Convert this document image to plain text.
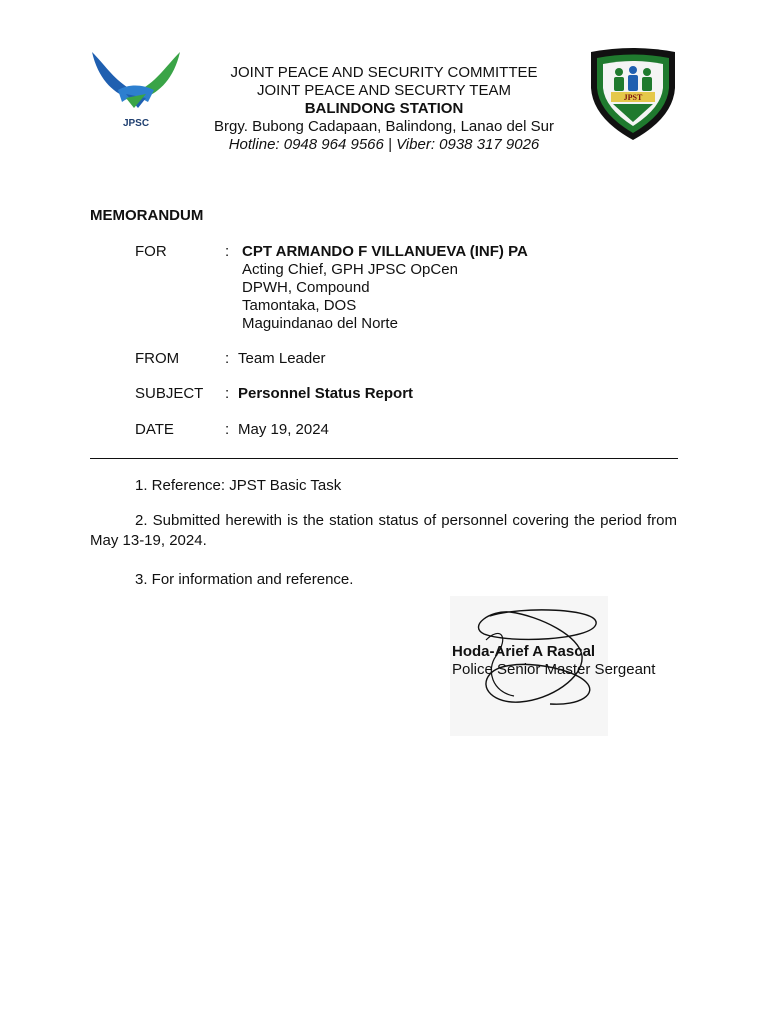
JPSC
JOINT PEACE AND SECURITY COMMITTEE
JOINT PEACE AND SECURTY TEAM
BALINDONG STATION
Brgy. Bubong Cadapaan, Balindong, Lanao del Sur
Hotline: 0948 964 9566 | Viber: 0938 317 9026
JPST
MEMORANDUM
FOR	: CPT ARMANDO F VILLANUEVA (INF) PA
Acting Chief, GPH JPSC OpCen
DPWH, Compound
Tamontaka, DOS
Maguindanao del Norte
FROM	: Team Leader
SUBJECT	: Personnel Status Report
DATE	: May 19, 2024
1. Reference: JPST Basic Task
2. Submitted herewith is the station status of personnel covering the period from May 13-19, 2024.
3. For information and reference.
Hoda-Arief A Rascal
Police Senior Master Sergeant
